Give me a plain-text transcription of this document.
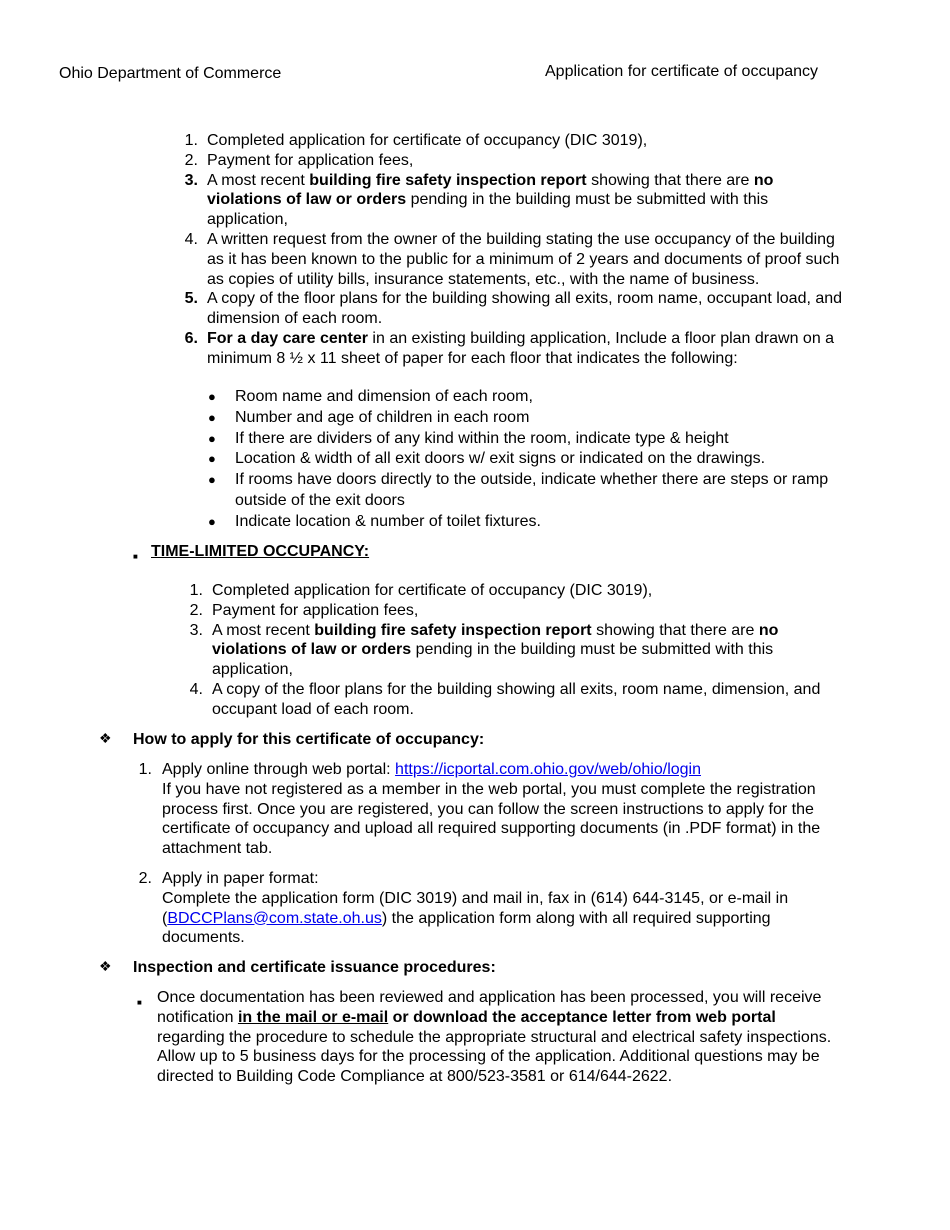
Ohio Department of Commerce	Application for certificate of occupancy
1. Completed application for certificate of occupancy (DIC 3019),
2. Payment for application fees,
3. A most recent building fire safety inspection report showing that there are no violations of law or orders pending in the building must be submitted with this application,
4. A written request from the owner of the building stating the use occupancy of the building as it has been known to the public for a minimum of 2 years and documents of proof such as copies of utility bills, insurance statements, etc., with the name of business.
5. A copy of the floor plans for the building showing all exits, room name, occupant load, and dimension of each room.
6. For a day care center in an existing building application, Include a floor plan drawn on a minimum 8 ½ x 11 sheet of paper for each floor that indicates the following:
● Room name and dimension of each room,
● Number and age of children in each room
● If there are dividers of any kind within the room, indicate type & height
● Location & width of all exit doors w/ exit signs or indicated on the drawings.
● If rooms have doors directly to the outside, indicate whether there are steps or ramp outside of the exit doors
● Indicate location & number of toilet fixtures.
■ TIME-LIMITED OCCUPANCY:
1. Completed application for certificate of occupancy (DIC 3019),
2. Payment for application fees,
3. A most recent building fire safety inspection report showing that there are no violations of law or orders pending in the building must be submitted with this application,
4. A copy of the floor plans for the building showing all exits, room name, dimension, and occupant load of each room.
❖ How to apply for this certificate of occupancy:
1. Apply online through web portal: https://icportal.com.ohio.gov/web/ohio/login
If you have not registered as a member in the web portal, you must complete the registration process first. Once you are registered, you can follow the screen instructions to apply for the certificate of occupancy and upload all required supporting documents (in .PDF format) in the attachment tab.
2. Apply in paper format:
Complete the application form (DIC 3019) and mail in, fax in (614) 644-3145, or e-mail in (BDCCPlans@com.state.oh.us) the application form along with all required supporting documents.
❖ Inspection and certificate issuance procedures:
■ Once documentation has been reviewed and application has been processed, you will receive notification in the mail or e-mail or download the acceptance letter from web portal regarding the procedure to schedule the appropriate structural and electrical safety inspections. Allow up to 5 business days for the processing of the application. Additional questions may be directed to Building Code Compliance at 800/523-3581 or 614/644-2622.
